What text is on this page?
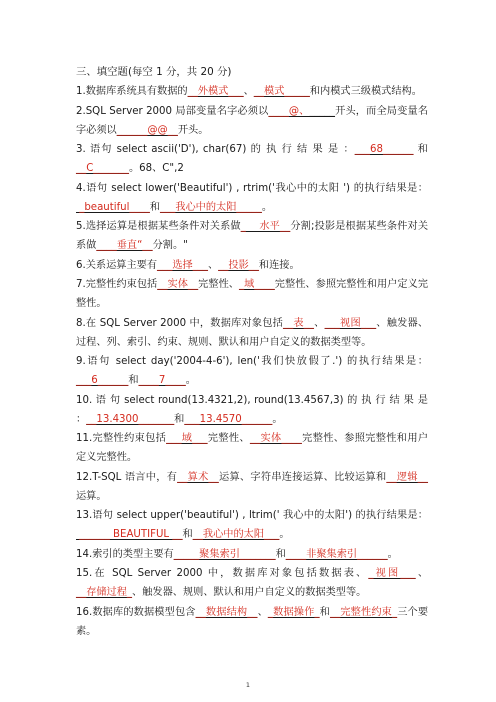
三、填空题(每空 1 分，共 20 分)

1.数据库系统具有数据的__外模式___、__模式_____和内模式三级模式结构。

2.SQL Server 2000 局部变量名字必须以____@、_____开头，而全局变量名字必须以______@@__开头。

3. 语句 select ascii('D'), char(67) 的 执 行 结 果 是 ：___68______ 和 __C_______。68、C",2

4.语句 select lower('Beautiful') , rtrim('我心中的太阳 ') 的执行结果是： _beautiful____和___我心中的太阳_____。

5.选择运算是根据某些条件对关系做_    水平__分割;投影是根据某些条件对关系做____垂直“__分割。"

6.关系运算主要有___选择___、__投影__和连接。

7.完整性约束包括__实体__完整性、_域____完整性、参照完整性和用户定义完整性。

8.在 SQL Server 2000 中，数据库对象包括__表__、___视图___、触发器、过程、列、索引、约束、规则、默认和用户自定义的数据类型等。

9.语句 select day('2004-4-6'), len('我们快放假了.') 的执行结果是：___6______和____7____。

10. 语 句 select round(13.4321,2), round(13.4567,3) 的 执 行 结 果 是 ：__13.4300_______和___13.4570______。

11.完整性约束包括___域___完整性、__实体____完整性、参照完整性和用户定义完整性。

12.T-SQL 语言中，有__算术__运算、字符串连接运算、比较运算和__逻辑__运算。

13.语句 select upper('beautiful') , ltrim(' 我心中的太阳') 的执行结果是： ______ BEAUTIFUL __和__我心中的太阳___。

14.索引的类型主要有_____聚集索引_______和____非聚集索引______。

15.在 SQL Server 2000 中，数据库对象包括数据表、_视图___、__存储过程_、触发器、规则、默认和用户自定义的数据类型等。

16.数据库的数据模型包含__数据结构__、_数据操作_和__完整性约束_三个要素。

1
